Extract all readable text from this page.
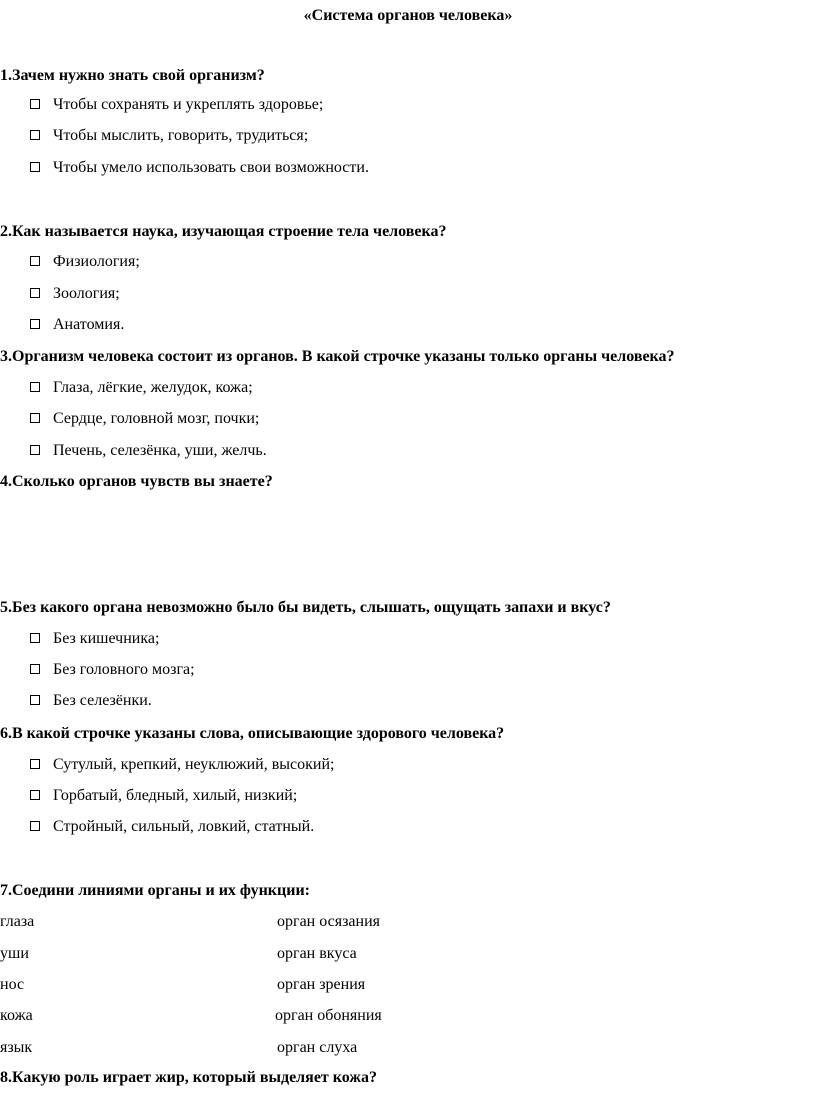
«Система органов человека»
1.Зачем нужно знать свой организм?
Чтобы сохранять и укреплять здоровье;
Чтобы мыслить, говорить, трудиться;
Чтобы умело использовать свои возможности.
2.Как называется наука, изучающая строение тела человека?
Физиология;
Зоология;
Анатомия.
3.Организм человека состоит из органов. В какой строчке указаны только органы человека?
Глаза, лёгкие, желудок, кожа;
Сердце, головной мозг, почки;
Печень, селезёнка, уши, желчь.
4.Сколько органов чувств вы знаете?
5.Без какого органа невозможно было бы видеть, слышать, ощущать запахи и вкус?
Без кишечника;
Без головного мозга;
Без селезёнки.
6.В какой строчке указаны слова, описывающие здорового человека?
Сутулый, крепкий, неуклюжий, высокий;
Горбатый, бледный, хилый, низкий;
Стройный, сильный, ловкий, статный.
7.Соедини линиями органы и их функции:
глаза	орган осязания
уши	орган вкуса
нос	орган зрения
кожа	орган обоняния
язык	орган слуха
8.Какую роль играет жир, который выделяет кожа?
